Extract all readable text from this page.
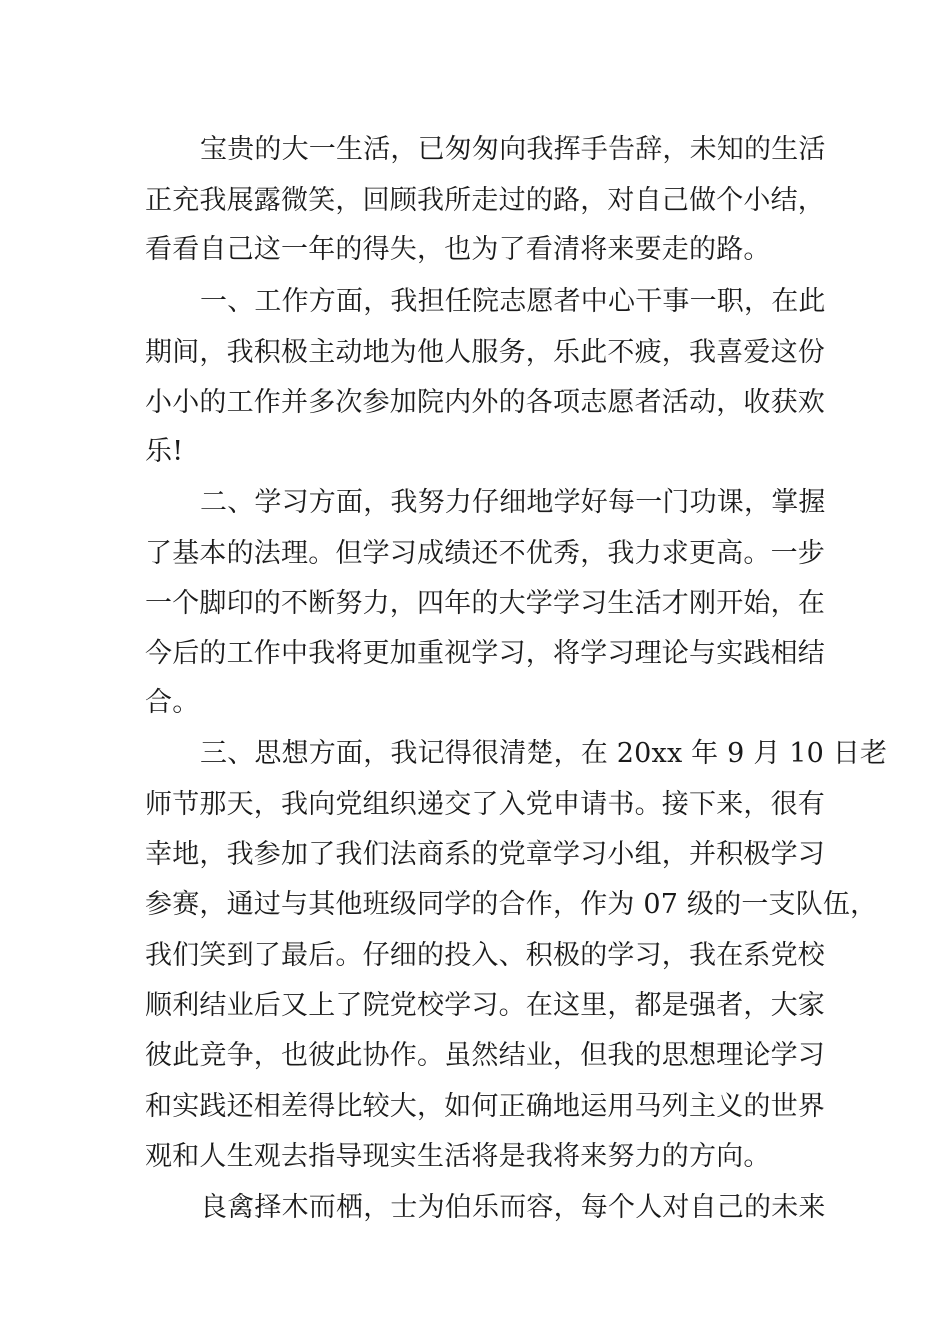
宝贵的大一生活，已匆匆向我挥手告辞，未知的生活
正充我展露微笑，回顾我所走过的路，对自己做个小结，
看看自己这一年的得失，也为了看清将来要走的路。
一、工作方面，我担任院志愿者中心干事一职，在此
期间，我积极主动地为他人服务，乐此不疲，我喜爱这份
小小的工作并多次参加院内外的各项志愿者活动，收获欢
乐!
二、学习方面，我努力仔细地学好每一门功课，掌握
了基本的法理。但学习成绩还不优秀，我力求更高。一步
一个脚印的不断努力，四年的大学学习生活才刚开始，在
今后的工作中我将更加重视学习，将学习理论与实践相结
合。
三、思想方面，我记得很清楚，在 20xx 年 9 月 10 日老
师节那天，我向党组织递交了入党申请书。接下来，很有
幸地，我参加了我们法商系的党章学习小组，并积极学习
参赛，通过与其他班级同学的合作，作为 07 级的一支队伍，
我们笑到了最后。仔细的投入、积极的学习，我在系党校
顺利结业后又上了院党校学习。在这里，都是强者，大家
彼此竞争，也彼此协作。虽然结业，但我的思想理论学习
和实践还相差得比较大，如何正确地运用马列主义的世界
观和人生观去指导现实生活将是我将来努力的方向。
良禽择木而栖，士为伯乐而容，每个人对自己的未来
